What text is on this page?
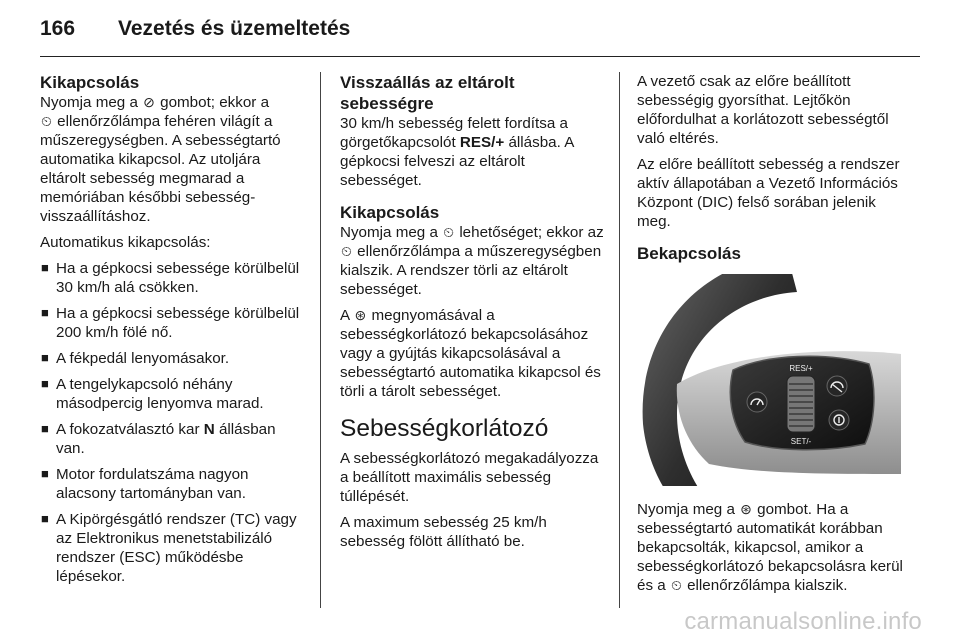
166 Vezetés és üzemeltetés
Kikapcsolás

Nyomja meg a ⊘ gombot; ekkor a
⏲ ellenőrzőlámpa fehéren világít a műszeregységben. A sebességtartó automatika kikapcsol. Az utoljára eltárolt sebesség megmarad a memóriában későbbi sebesség-visszaállításhoz.

Automatikus kikapcsolás:

■ Ha a gépkocsi sebessége körülbelül 30 km/h alá csökken.
■ Ha a gépkocsi sebessége körülbelül 200 km/h fölé nő.
■ A fékpedál lenyomásakor.
■ A tengelykapcsoló néhány másodpercig lenyomva marad.
■ A fokozatválasztó kar N állásban van.
■ Motor fordulatszáma nagyon alacsony tartományban van.
■ A Kipörgésgátló rendszer (TC) vagy az Elektronikus menetstabilizáló rendszer (ESC) működésbe lépésekor.
Visszaállás az eltárolt sebességre

30 km/h sebesség felett fordítsa a görgetőkapcsolót RES/+ állásba. A gépkocsi felveszi az eltárolt sebességet.

Kikapcsolás

Nyomja meg a ⏲ lehetőséget; ekkor az ⏲ ellenőrzőlámpa a műszeregységben kialszik. A rendszer törli az eltárolt sebességet.

A ⊛ megnyomásával a sebességkorlátozó bekapcsolásához vagy a gyújtás kikapcsolásával a sebességtartó automatika kikapcsol és törli a tárolt sebességet.

Sebességkorlátozó

A sebességkorlátozó megakadályozza a beállított maximális sebesség túllépését.

A maximum sebesség 25 km/h sebesség fölött állítható be.

A vezető csak az előre beállított sebességig gyorsíthat. Lejtőkön előfordulhat a korlátozott sebességtől való eltérés.

Az előre beállított sebesség a rendszer aktív állapotában a Vezető Információs Központ (DIC) felső sorában jelenik meg.

Bekapcsolás
RES/+
SET/-

Nyomja meg a ⊛ gombot. Ha a sebességtartó automatikát korábban bekapcsolták, kikapcsol, amikor a sebességkorlátozó bekapcsolásra kerül és a ⏲ ellenőrzőlámpa kialszik.

carmanualsonline.info
